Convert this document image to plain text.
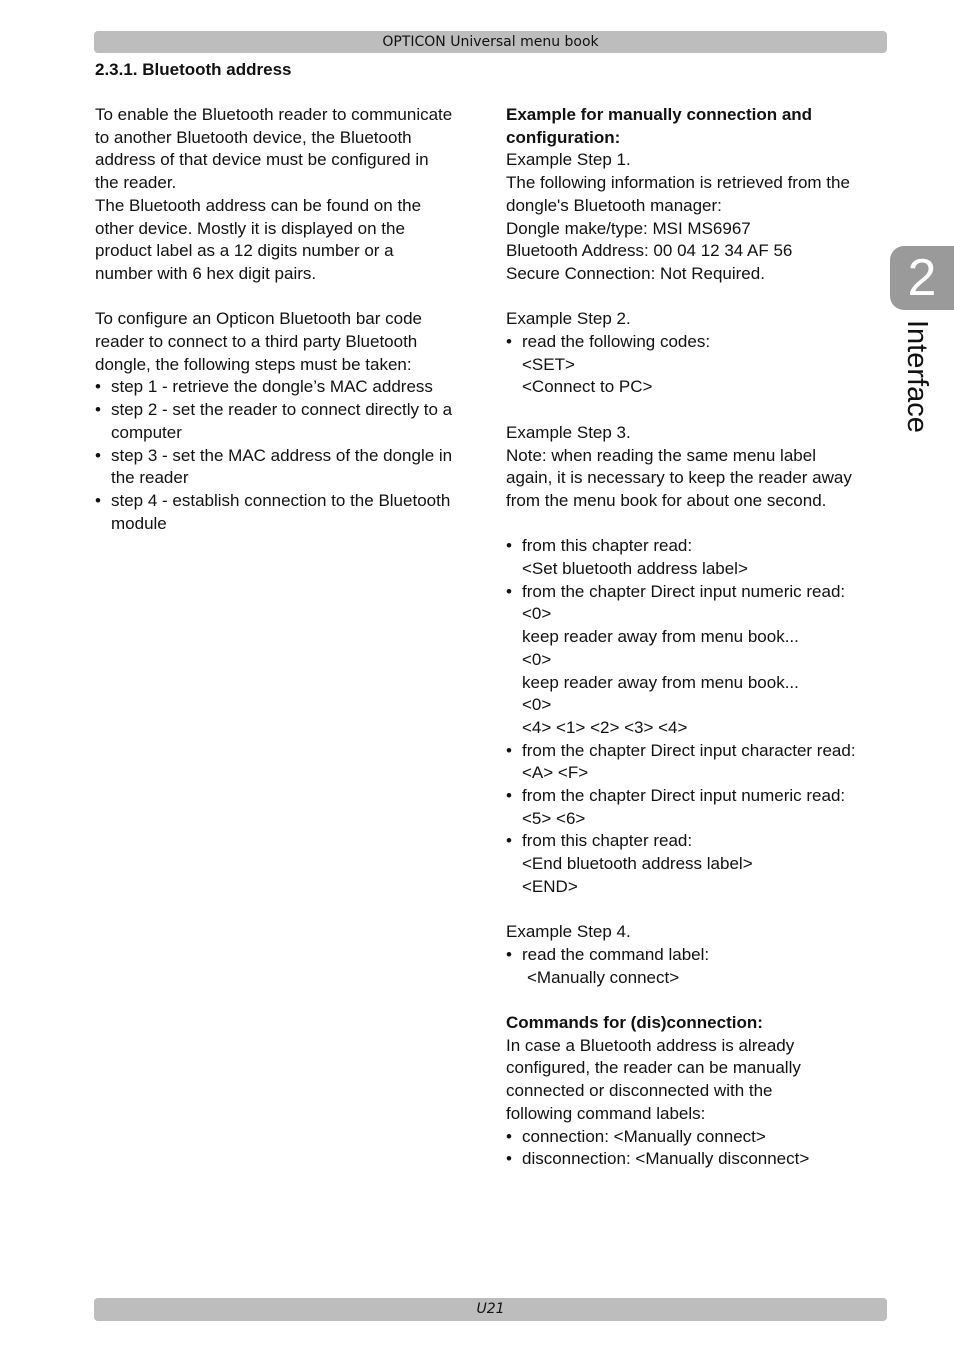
OPTICON Universal menu book
2.3.1. Bluetooth address

To enable the Bluetooth reader to communicate

to another Bluetooth device, the Bluetooth

address of that device must be configured in

the reader.

The Bluetooth address can be found on the

other device. Mostly it is displayed on the

product label as a 12 digits number or a

number with 6 hex digit pairs.

To configure an Opticon Bluetooth bar code

reader to connect to a third party Bluetooth

dongle, the following steps must be taken:

• step 1 - retrieve the dongle’s MAC address
• step 2 - set the reader to connect directly to a
computer
• step 3 - set the MAC address of the dongle in
the reader
• step 4 - establish connection to the Bluetooth
module

Example for manually connection and

configuration:

Example Step 1.

The following information is retrieved from the

dongle's Bluetooth manager:

Dongle make/type: MSI MS6967

Bluetooth Address: 00 04 12 34 AF 56

Secure Connection: Not Required.

Example Step 2.

• read the following codes:

<SET>

<Connect to PC>

Example Step 3.

Note: when reading the same menu label

again, it is necessary to keep the reader away

from the menu book for about one second.

• from this chapter read:
<Set bluetooth address label>
• from the chapter Direct input numeric read:
<0>
keep reader away from menu book...
<0>
keep reader away from menu book...
<0>
<4> <1> <2> <3> <4>
• from the chapter Direct input character read:
<A> <F>
• from the chapter Direct input numeric read:
<5> <6>
• from this chapter read:
<End bluetooth address label>
<END>

Example Step 4.

• read the command label:

<Manually connect>

Commands for (dis)connection:

In case a Bluetooth address is already

configured, the reader can be manually

connected or disconnected with the

following command labels:

• connection: <Manually connect>
• disconnection: <Manually disconnect>
2
Interface
U21
